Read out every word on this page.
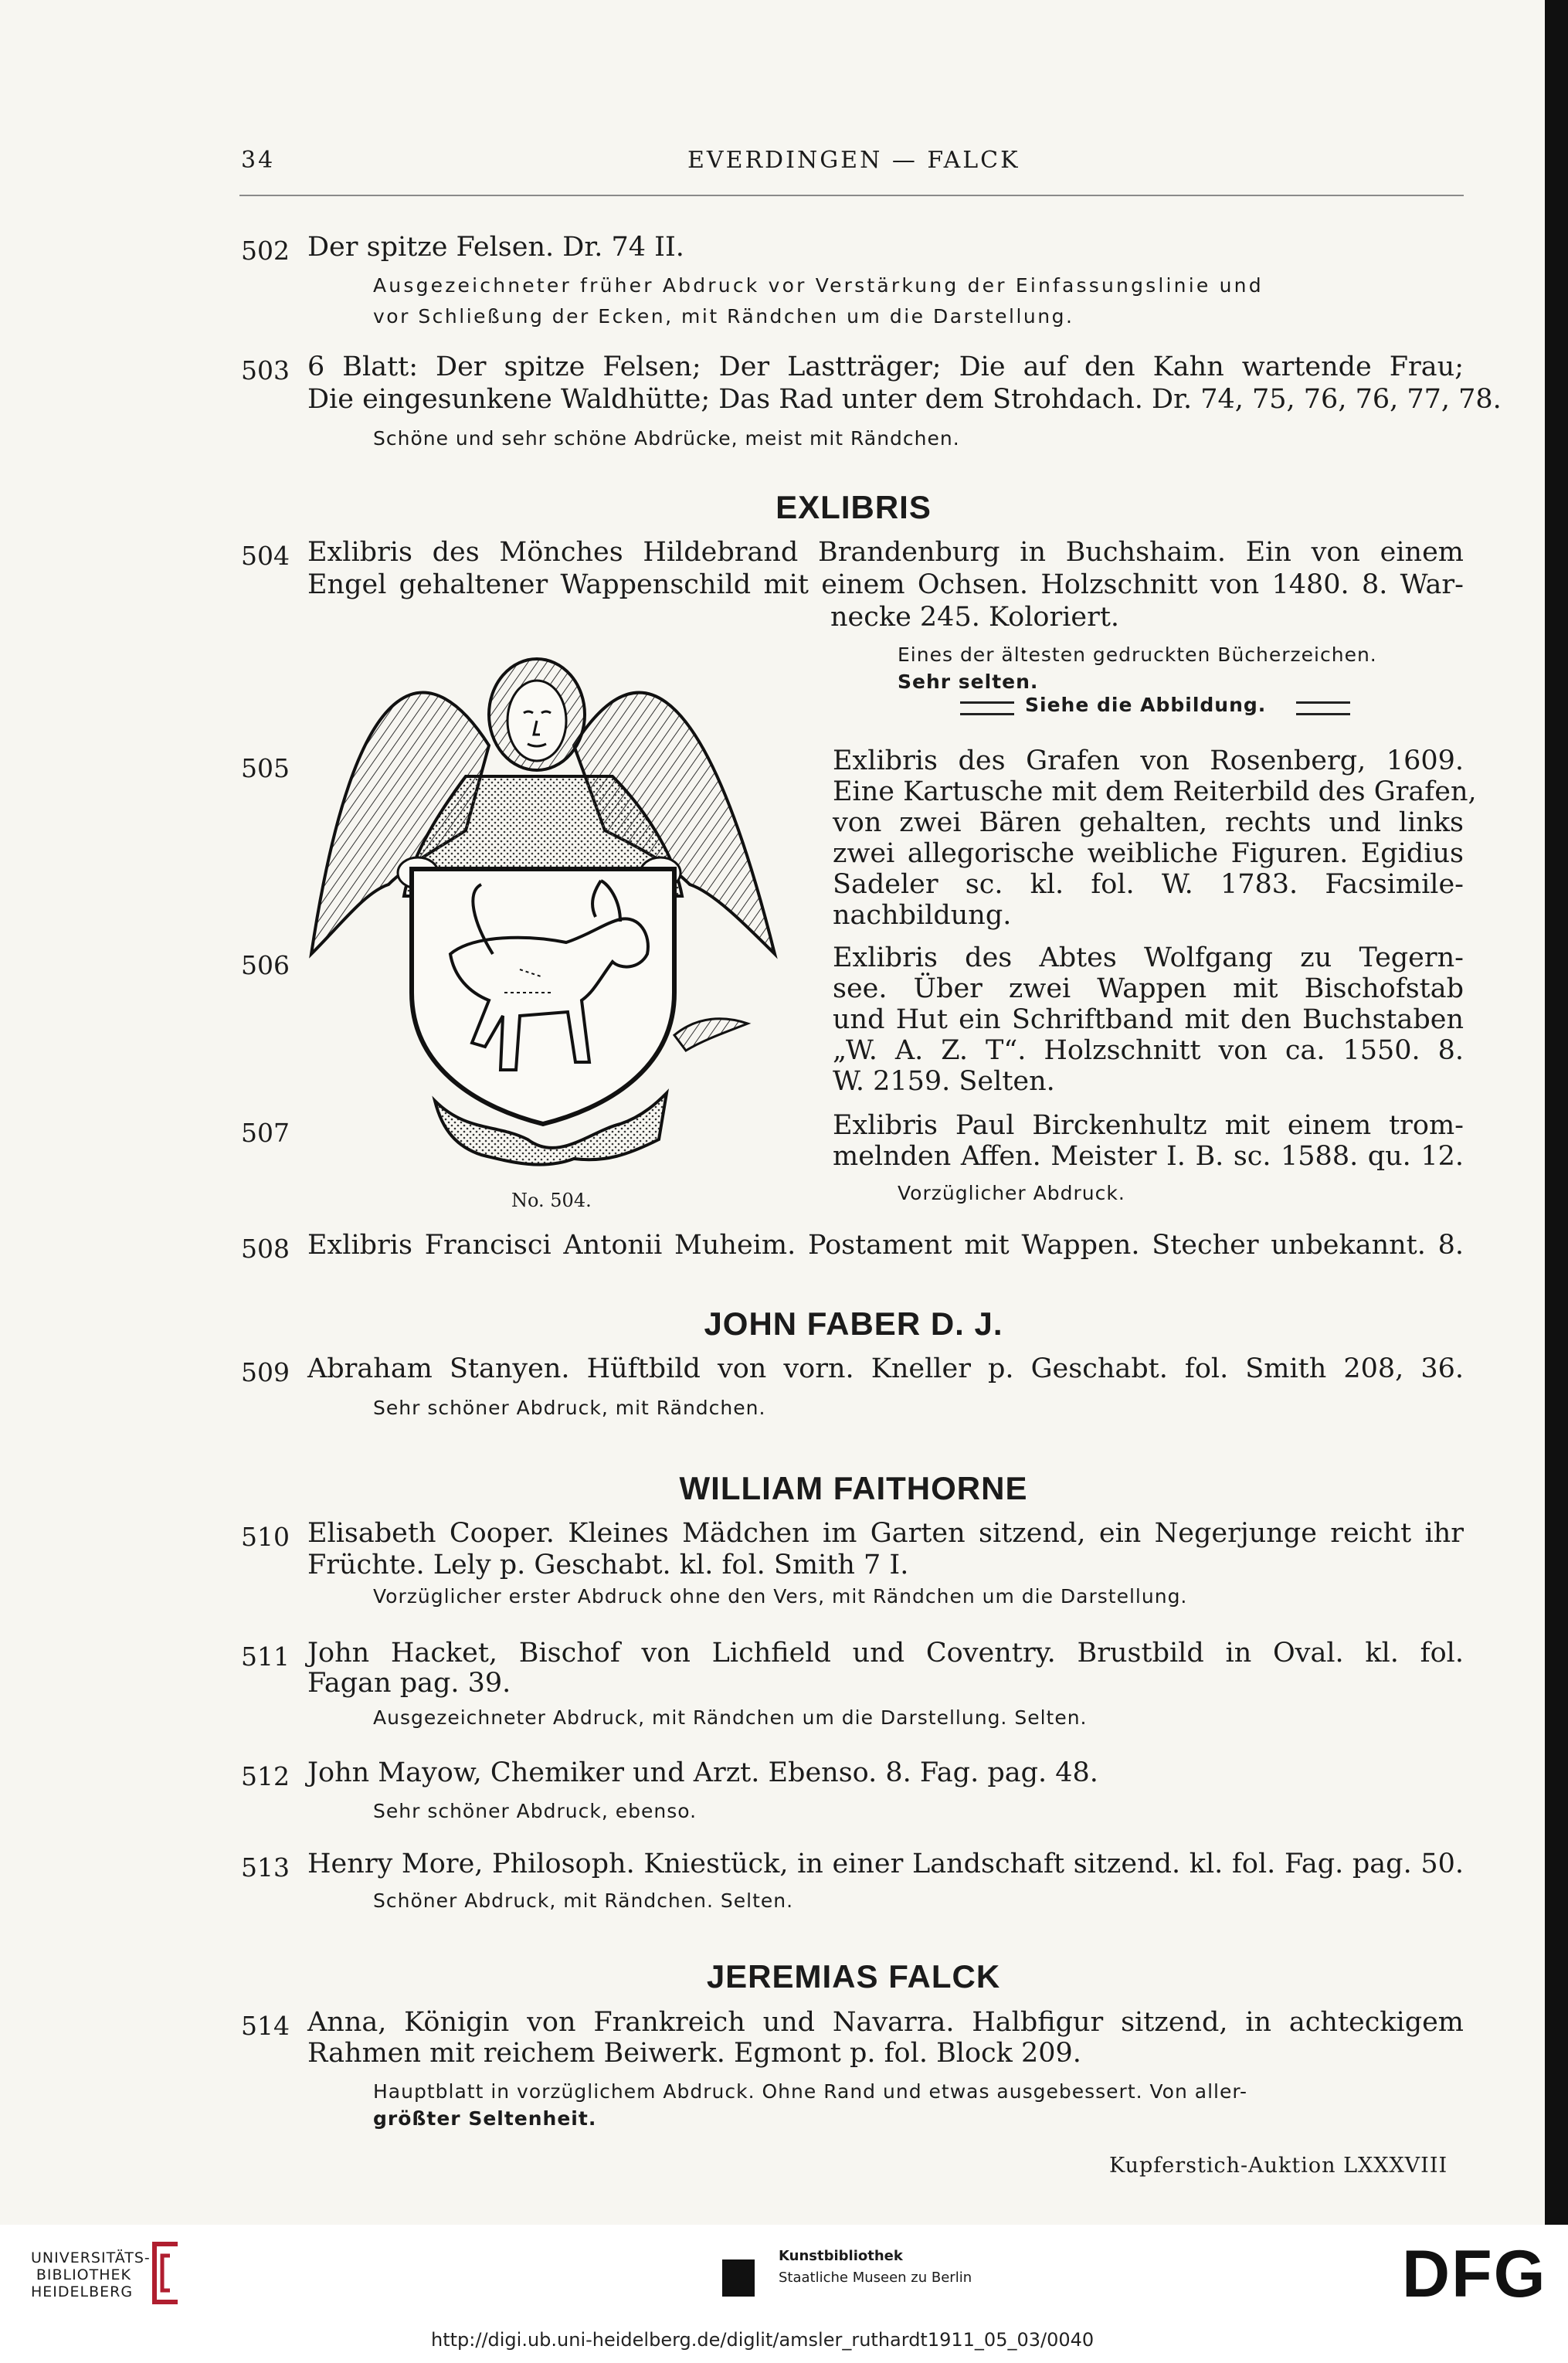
34	EVERDINGEN — FALCK
502 Der spitze Felsen. Dr. 74 II.
Ausgezeichneter früher Abdruck vor Verstärkung der Einfassungslinie und
vor Schließung der Ecken, mit Rändchen um die Darstellung.
503 6 Blatt: Der spitze Felsen; Der Lastträger; Die auf den Kahn wartende Frau;
Die eingesunkene Waldhütte; Das Rad unter dem Strohdach. Dr. 74, 75, 76, 76, 77, 78.
Schöne und sehr schöne Abdrücke, meist mit Rändchen.
EXLIBRIS
504 Exlibris des Mönches Hildebrand Brandenburg in Buchshaim. Ein von einem
Engel gehaltener Wappenschild mit einem Ochsen. Holzschnitt von 1480. 8. War-
necke 245. Koloriert.
Eines der ältesten gedruckten Bücherzeichen.
Sehr selten.
Siehe die Abbildung.
505	Exlibris des Grafen von Rosenberg, 1609.
Eine Kartusche mit dem Reiterbild des Grafen,
von zwei Bären gehalten, rechts und links
zwei allegorische weibliche Figuren. Egidius
Sadeler sc. kl. fol. W. 1783. Facsimile-
nachbildung.
506	Exlibris des Abtes Wolfgang zu Tegern-
see. Über zwei Wappen mit Bischofstab
und Hut ein Schriftband mit den Buchstaben
„W. A. Z. T“. Holzschnitt von ca. 1550. 8.
W. 2159. Selten.
507	Exlibris Paul Birckenhultz mit einem trom-
melnden Affen. Meister I. B. sc. 1588. qu. 12.
Vorzüglicher Abdruck.
No. 504.
508 Exlibris Francisci Antonii Muheim. Postament mit Wappen. Stecher unbekannt. 8.
JOHN FABER D. J.
509 Abraham Stanyen. Hüftbild von vorn. Kneller p. Geschabt. fol. Smith 208, 36.
Sehr schöner Abdruck, mit Rändchen.
WILLIAM FAITHORNE
510 Elisabeth Cooper. Kleines Mädchen im Garten sitzend, ein Negerjunge reicht ihr
Früchte. Lely p. Geschabt. kl. fol. Smith 7 I.
Vorzüglicher erster Abdruck ohne den Vers, mit Rändchen um die Darstellung.
511 John Hacket, Bischof von Lichfield und Coventry. Brustbild in Oval. kl. fol.
Fagan pag. 39.
Ausgezeichneter Abdruck, mit Rändchen um die Darstellung. Selten.
512 John Mayow, Chemiker und Arzt. Ebenso. 8. Fag. pag. 48.
Sehr schöner Abdruck, ebenso.
513 Henry More, Philosoph. Kniestück, in einer Landschaft sitzend. kl. fol. Fag. pag. 50.
Schöner Abdruck, mit Rändchen. Selten.
JEREMIAS FALCK
514 Anna, Königin von Frankreich und Navarra. Halbfigur sitzend, in achteckigem
Rahmen mit reichem Beiwerk. Egmont p. fol. Block 209.
Hauptblatt in vorzüglichem Abdruck. Ohne Rand und etwas ausgebessert. Von aller-
größter Seltenheit.
Kupferstich-Auktion LXXXVIII
UNIVERSITÄTS-
BIBLIOTHEK
HEIDELBERG
Kunstbibliothek
Staatliche Museen zu Berlin	DFG
http://digi.ub.uni-heidelberg.de/diglit/amsler_ruthardt1911_05_03/0040
